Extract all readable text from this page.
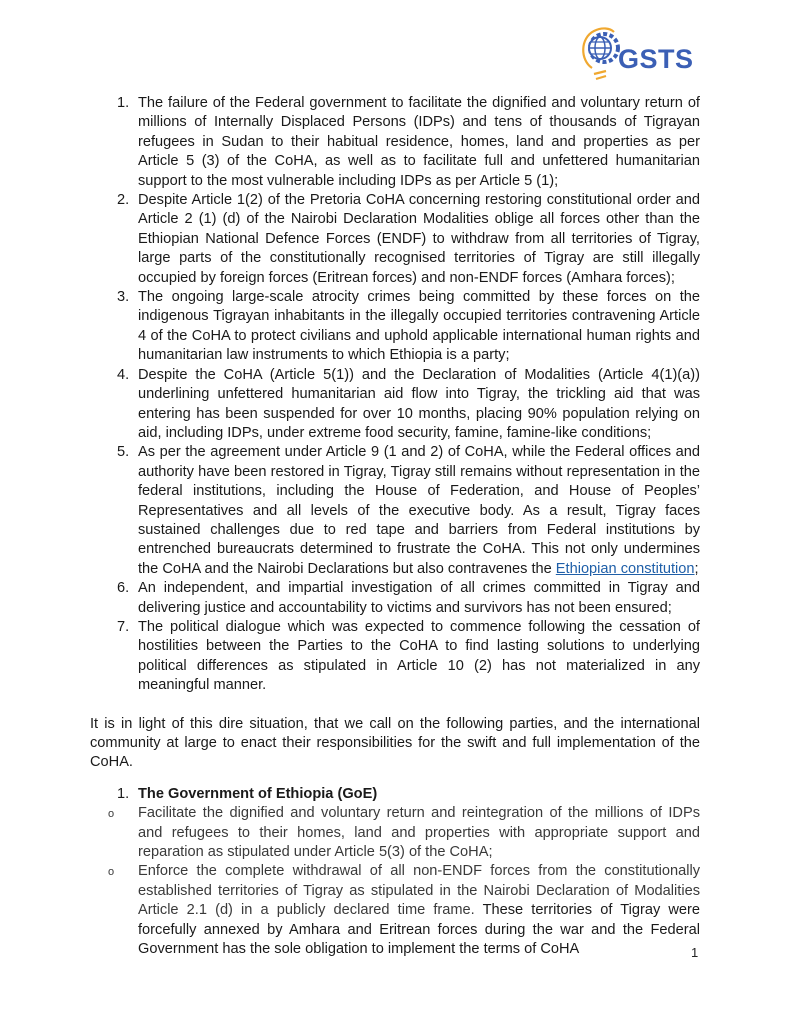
GSTS
1. The failure of the Federal government to facilitate the dignified and voluntary return of millions of Internally Displaced Persons (IDPs) and tens of thousands of Tigrayan refugees in Sudan to their habitual residence, homes, land and properties as per Article 5 (3) of the CoHA, as well as to facilitate full and unfettered humanitarian support to the most vulnerable including IDPs as per Article 5 (1);
2. Despite Article 1(2) of the Pretoria CoHA concerning restoring constitutional order and Article 2 (1) (d) of the Nairobi Declaration Modalities oblige all forces other than the Ethiopian National Defence Forces (ENDF) to withdraw from all territories of Tigray, large parts of the constitutionally recognised territories of Tigray are still illegally occupied by foreign forces (Eritrean forces) and non-ENDF forces (Amhara forces);
3. The ongoing large-scale atrocity crimes being committed by these forces on the indigenous Tigrayan inhabitants in the illegally occupied territories contravening Article 4 of the CoHA to protect civilians and uphold applicable international human rights and humanitarian law instruments to which Ethiopia is a party;
4. Despite the CoHA (Article 5(1)) and the Declaration of Modalities (Article 4(1)(a)) underlining unfettered humanitarian aid flow into Tigray, the trickling aid that was entering has been suspended for over 10 months, placing 90% population relying on aid, including IDPs, under extreme food security, famine, famine-like conditions;
5. As per the agreement under Article 9 (1 and 2) of CoHA, while the Federal offices and authority have been restored in Tigray, Tigray still remains without representation in the federal institutions, including the House of Federation, and House of Peoples’ Representatives and all levels of the executive body. As a result, Tigray faces sustained challenges due to red tape and barriers from Federal institutions by entrenched bureaucrats determined to frustrate the CoHA. This not only undermines the CoHA and the Nairobi Declarations but also contravenes the Ethiopian constitution;
6. An independent, and impartial investigation of all crimes committed in Tigray and delivering justice and accountability to victims and survivors has not been ensured;
7. The political dialogue which was expected to commence following the cessation of hostilities between the Parties to the CoHA to find lasting solutions to underlying political differences as stipulated in Article 10 (2) has not materialized in any meaningful manner.

It is in light of this dire situation, that we call on the following parties, and the international community at large to enact their responsibilities for the swift and full implementation of the CoHA.

1. The Government of Ethiopia (GoE)
o Facilitate the dignified and voluntary return and reintegration of the millions of IDPs and refugees to their homes, land and properties with appropriate support and reparation as stipulated under Article 5(3) of the CoHA;
o Enforce the complete withdrawal of all non-ENDF forces from the constitutionally established territories of Tigray as stipulated in the Nairobi Declaration of Modalities Article 2.1 (d) in a publicly declared time frame. These territories of Tigray were forcefully annexed by Amhara and Eritrean forces during the war and the Federal Government has the sole obligation to implement the terms of CoHA	1
